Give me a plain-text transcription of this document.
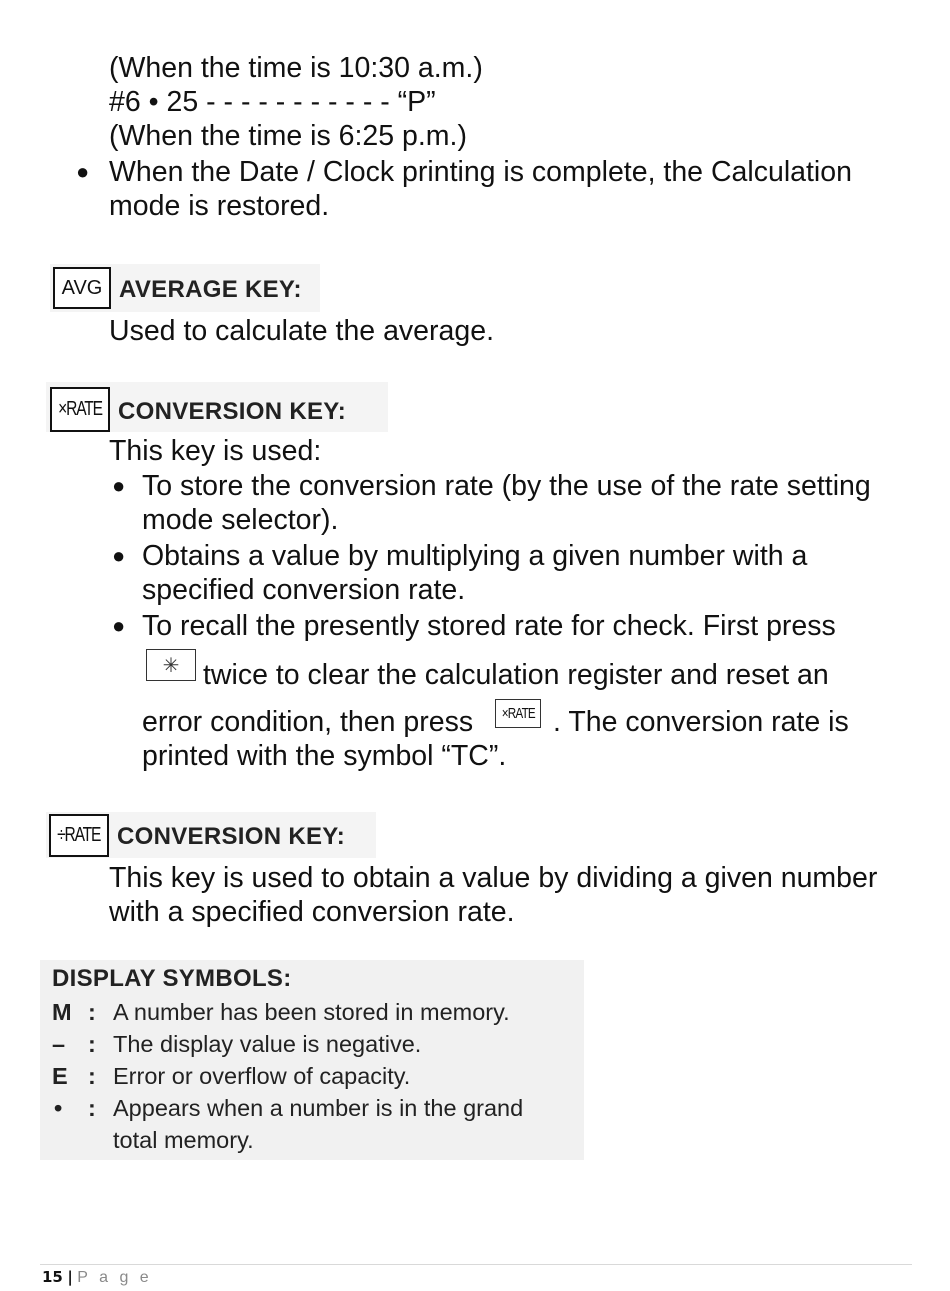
(When the time is 10:30 a.m.)
#6 • 25 - - - - - - - - - - - “P”
(When the time is 6:25 p.m.)
● When the Date / Clock printing is complete, the Calculation
mode is restored.
AVG AVERAGE KEY:
Used to calculate the average.
×RATE CONVERSION KEY:
This key is used:
● To store the conversion rate (by the use of the rate setting
mode selector).
● Obtains a value by multiplying a given number with a
specified conversion rate.
● To recall the presently stored rate for check. First press
✳ twice to clear the calculation register and reset an
error condition, then press ×RATE . The conversion rate is
printed with the symbol “TC”.
÷RATE CONVERSION KEY:
This key is used to obtain a value by dividing a given number
with a specified conversion rate.
DISPLAY SYMBOLS:
M : A number has been stored in memory.
– : The display value is negative.
E : Error or overflow of capacity.
• : Appears when a number is in the grand
total memory.
15 | P a g e
